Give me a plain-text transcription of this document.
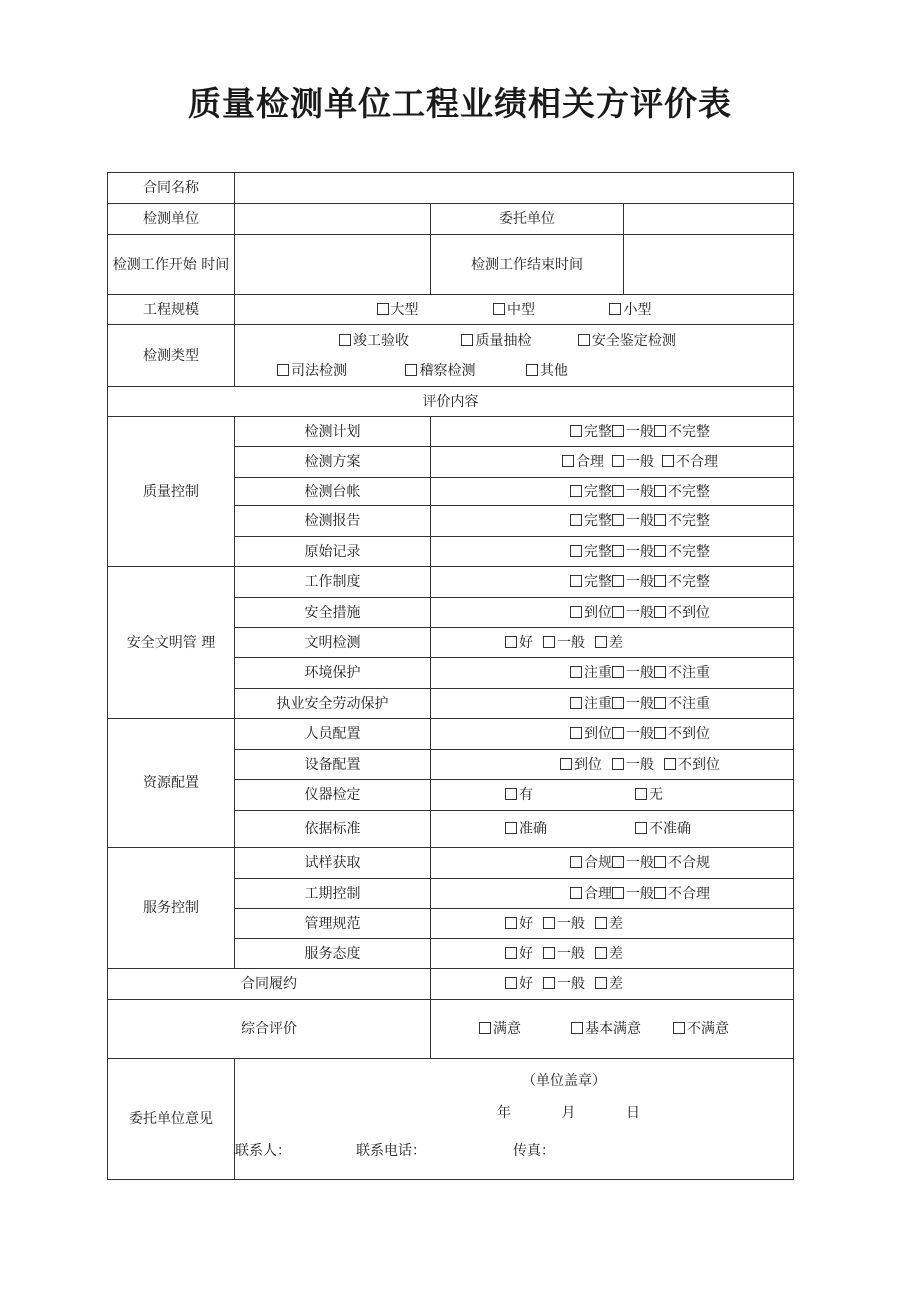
质量检测单位工程业绩相关方评价表
合同名称			
检测单位		委托单位	
检测工作开始 时间		检测工作结束时间	
工程规模	大型 中型 小型		
检测类型	竣工验收 质量抽检 安全鉴定检测
司法检测 稽察检测 其他		

评价内容			
质量控制	检测计划	完整 一般 不完整	
	检测方案	合理 一般 不合理	
	检测台帐	完整 一般 不完整	
	检测报告	完整 一般 不完整	
	原始记录	完整 一般 不完整	
安全文明管 理	工作制度	完整 一般 不完整	
	安全措施	到位 一般 不到位	
	文明检测	好 一般 差	
	环境保护	注重 一般 不注重	
	执业安全劳动保护	注重 一般 不注重	
资源配置	人员配置	到位 一般 不到位	
	设备配置	到位 一般 不到位	
	仪器检定	有 无	
	依据标准	准确 不准确	
服务控制	试样获取	合规 一般 不合规	
	工期控制	合理 一般 不合理	
	管理规范	好 一般 差	
	服务态度	好 一般 差	
合同履约		好 一般 差	
综合评价		满意 基本满意 不满意	
委托单位意见	（单位盖章）
年 月 日
联系人： 联系电话： 传真：		
